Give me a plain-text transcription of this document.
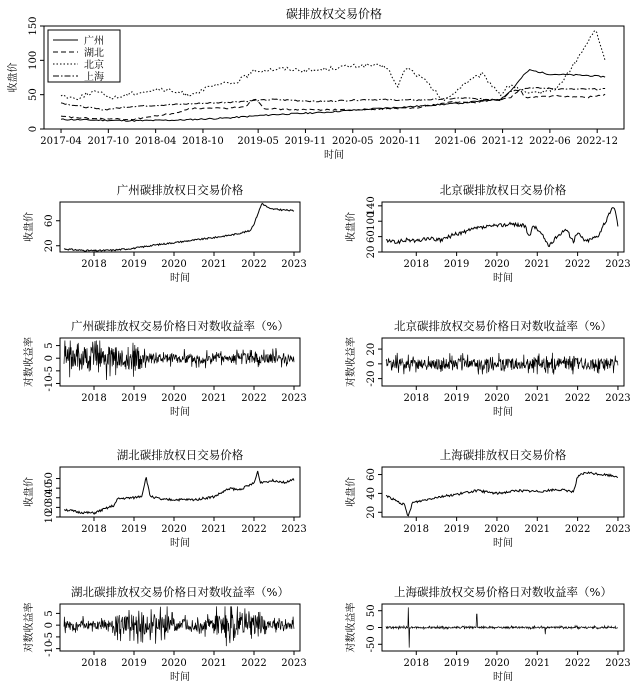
碳排放权交易价格
2017-04 2017-10 2018-04 2018-10 2019-05 2019-11 2020-05 2020-11 2021-06 2021-12 2022-06 2022-12
时间
0
50
100
150
收盘价
广州
湖北
北京
上海
广州碳排放权日交易价格
2018 2019 2020 2021 2022 2023
时间
20
60
收盘价
北京碳排放权日交易价格
2018 2019 2020 2021 2022 2023
时间
20
60
100
140
收盘价
广州碳排放权交易价格日对数收益率（%）
2018 2019 2020 2021 2022 2023
时间
-10
-5
0
5
对数收益率
北京碳排放权交易价格日对数收益率（%）
2018 2019 2020 2021 2022 2023
时间
-20
0
20
对数收益率
湖北碳排放权日交易价格
2018 2019 2020 2021 2022 2023
时间
10
20
30
40
50
收盘价
上海碳排放权日交易价格
2018 2019 2020 2021 2022 2023
时间
20
40
60
收盘价
湖北碳排放权交易价格日对数收益率（%）
2018 2019 2020 2021 2022 2023
时间
-10
-5
0
5
对数收益率
上海碳排放权交易价格日对数收益率（%）
2018 2019 2020 2021 2022 2023
时间
-50
0
50
对数收益率
